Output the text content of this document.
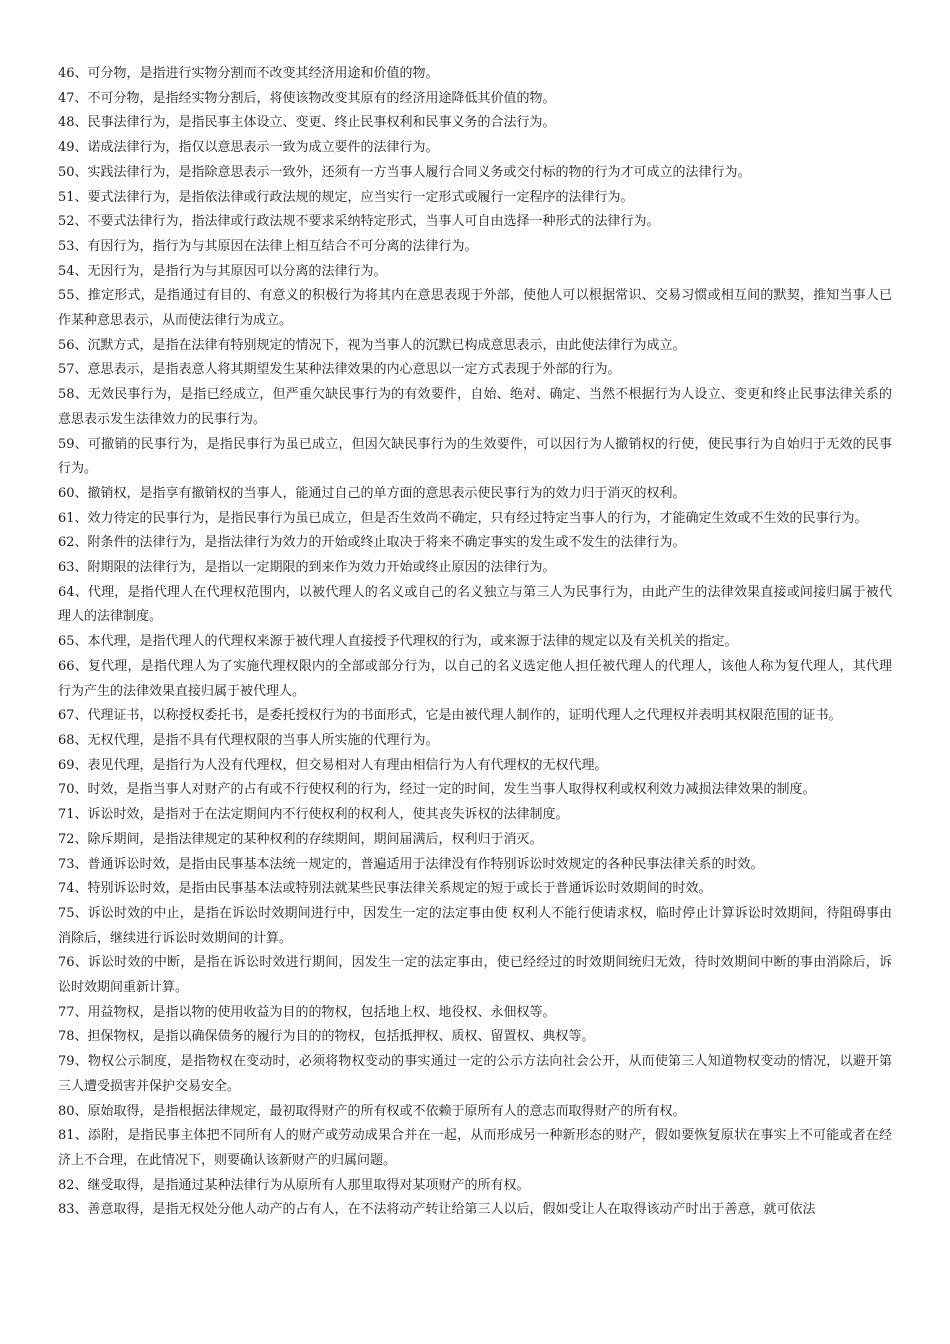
46、可分物，是指进行实物分割而不改变其经济用途和价值的物。

47、不可分物，是指经实物分割后，将使该物改变其原有的经济用途降低其价值的物。

48、民事法律行为，是指民事主体设立、变更、终止民事权利和民事义务的合法行为。

49、诺成法律行为，指仅以意思表示一致为成立要件的法律行为。

50、实践法律行为，是指除意思表示一致外，还须有一方当事人履行合同义务或交付标的物的行为才可成立的法律行为。

51、要式法律行为，是指依法律或行政法规的规定，应当实行一定形式或履行一定程序的法律行为。

52、不要式法律行为，指法律或行政法规不要求采纳特定形式，当事人可自由选择一种形式的法律行为。

53、有因行为，指行为与其原因在法律上相互结合不可分离的法律行为。

54、无因行为，是指行为与其原因可以分离的法律行为。

55、推定形式，是指通过有目的、有意义的积极行为将其内在意思表现于外部，使他人可以根据常识、交易习惯或相互间的默契，推知当事人已作某种意思表示，从而使法律行为成立。

56、沉默方式，是指在法律有特别规定的情况下，视为当事人的沉默已构成意思表示，由此使法律行为成立。

57、意思表示，是指表意人将其期望发生某种法律效果的内心意思以一定方式表现于外部的行为。

58、无效民事行为，是指已经成立，但严重欠缺民事行为的有效要件，自始、绝对、确定、当然不根据行为人设立、变更和终止民事法律关系的意思表示发生法律效力的民事行为。

59、可撤销的民事行为，是指民事行为虽已成立，但因欠缺民事行为的生效要件，可以因行为人撤销权的行使，使民事行为自始归于无效的民事行为。

60、撤销权，是指享有撤销权的当事人，能通过自己的单方面的意思表示使民事行为的效力归于消灭的权利。

61、效力待定的民事行为，是指民事行为虽已成立，但是否生效尚不确定，只有经过特定当事人的行为，才能确定生效或不生效的民事行为。

62、附条件的法律行为，是指法律行为效力的开始或终止取决于将来不确定事实的发生或不发生的法律行为。

63、附期限的法律行为，是指以一定期限的到来作为效力开始或终止原因的法律行为。

64、代理，是指代理人在代理权范围内，以被代理人的名义或自己的名义独立与第三人为民事行为，由此产生的法律效果直接或间接归属于被代理人的法律制度。

65、本代理，是指代理人的代理权来源于被代理人直接授予代理权的行为，或来源于法律的规定以及有关机关的指定。

66、复代理，是指代理人为了实施代理权限内的全部或部分行为，以自己的名义选定他人担任被代理人的代理人，该他人称为复代理人，其代理行为产生的法律效果直接归属于被代理人。

67、代理证书，以称授权委托书，是委托授权行为的书面形式，它是由被代理人制作的，证明代理人之代理权并表明其权限范围的证书。

68、无权代理，是指不具有代理权限的当事人所实施的代理行为。

69、表见代理，是指行为人没有代理权，但交易相对人有理由相信行为人有代理权的无权代理。

70、时效，是指当事人对财产的占有或不行使权利的行为，经过一定的时间，发生当事人取得权利或权利效力减损法律效果的制度。

71、诉讼时效，是指对于在法定期间内不行使权利的权利人，使其丧失诉权的法律制度。

72、除斥期间，是指法律规定的某种权利的存续期间，期间届满后，权利归于消灭。

73、普通诉讼时效，是指由民事基本法统一规定的，普遍适用于法律没有作特别诉讼时效规定的各种民事法律关系的时效。

74、特别诉讼时效，是指由民事基本法或特别法就某些民事法律关系规定的短于或长于普通诉讼时效期间的时效。

75、诉讼时效的中止，是指在诉讼时效期间进行中，因发生一定的法定事由使 权利人不能行使请求权，临时停止计算诉讼时效期间，待阻碍事由消除后，继续进行诉讼时效期间的计算。

76、诉讼时效的中断，是指在诉讼时效进行期间，因发生一定的法定事由，使已经经过的时效期间统归无效，待时效期间中断的事由消除后，诉讼时效期间重新计算。

77、用益物权，是指以物的使用收益为目的的物权，包括地上权、地役权、永佃权等。

78、担保物权，是指以确保债务的履行为目的的物权，包括抵押权、质权、留置权、典权等。

79、物权公示制度，是指物权在变动时，必须将物权变动的事实通过一定的公示方法向社会公开，从而使第三人知道物权变动的情况，以避开第三人遭受损害并保护交易安全。

80、原始取得，是指根据法律规定，最初取得财产的所有权或不依赖于原所有人的意志而取得财产的所有权。

81、添附，是指民事主体把不同所有人的财产或劳动成果合并在一起，从而形成另一种新形态的财产，假如要恢复原状在事实上不可能或者在经济上不合理，在此情况下，则要确认该新财产的归属问题。

82、继受取得，是指通过某种法律行为从原所有人那里取得对某项财产的所有权。

83、善意取得，是指无权处分他人动产的占有人，在不法将动产转让给第三人以后，假如受让人在取得该动产时出于善意，就可依法
